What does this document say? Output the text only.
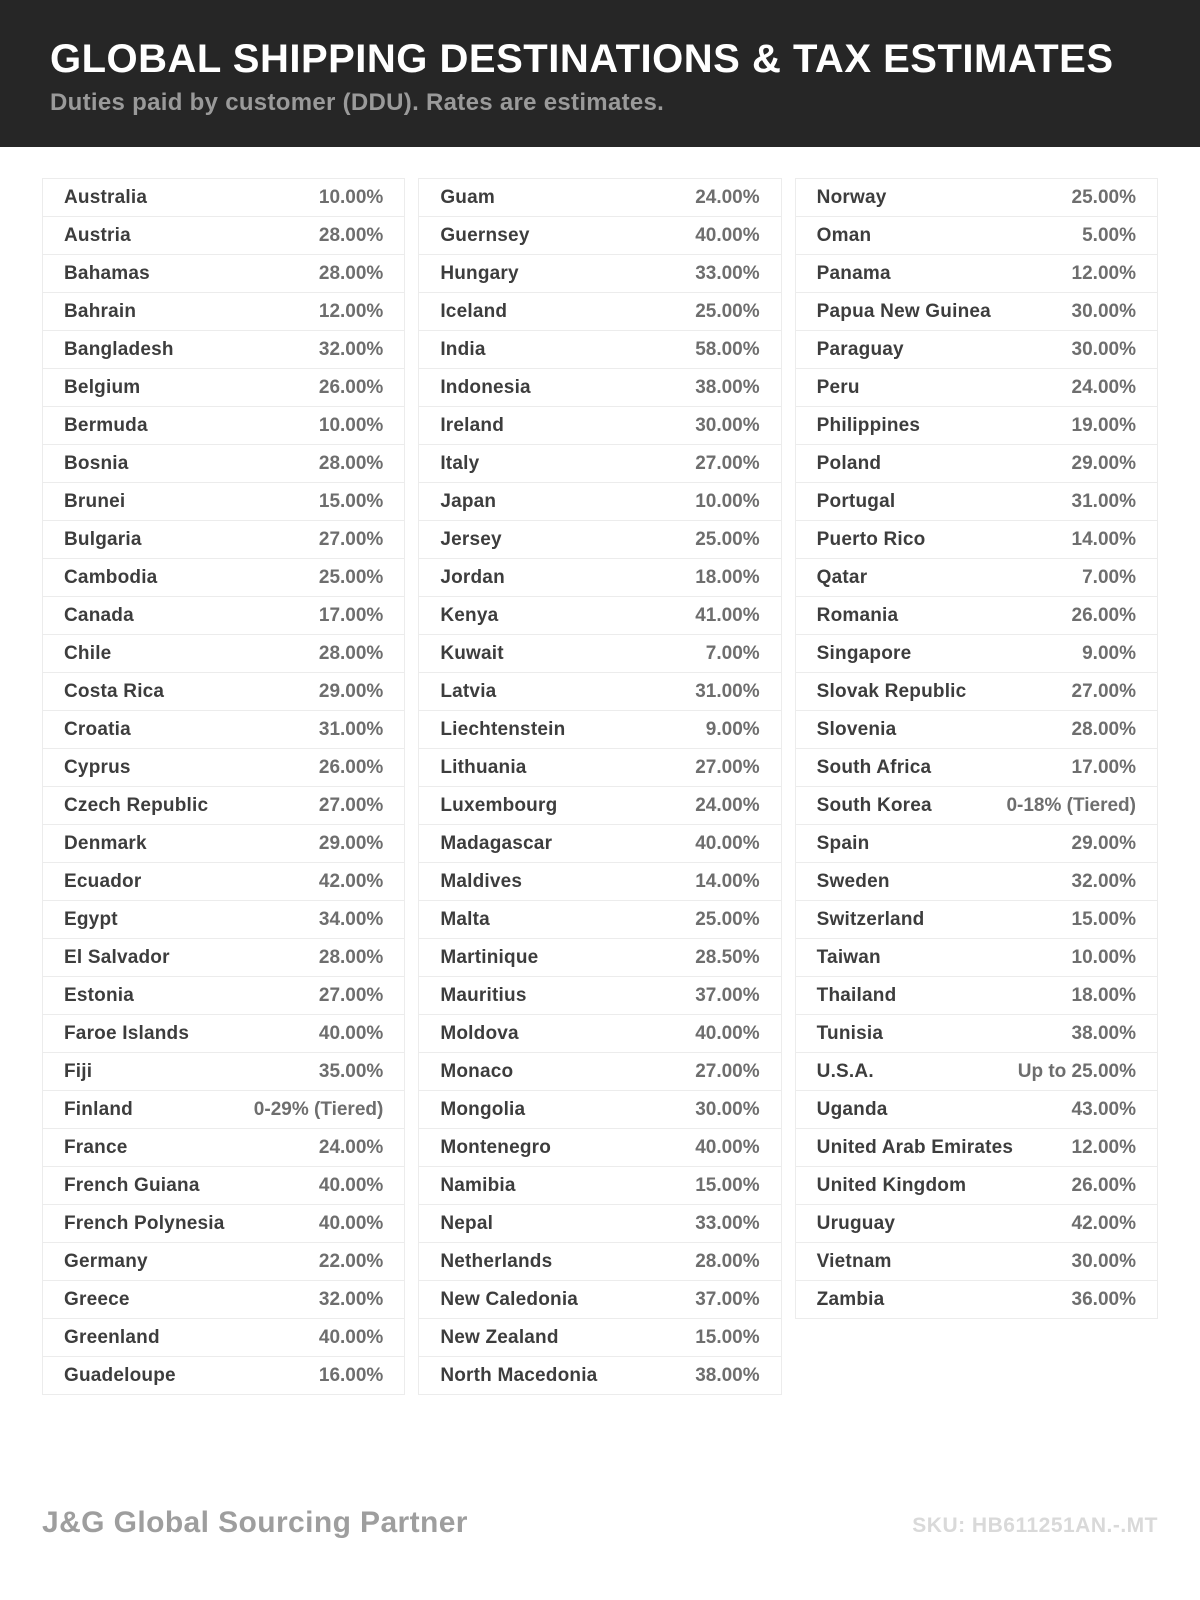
GLOBAL SHIPPING DESTINATIONS & TAX ESTIMATES
Duties paid by customer (DDU). Rates are estimates.
Australia	10.00%
Austria	28.00%
Bahamas	28.00%
Bahrain	12.00%
Bangladesh	32.00%
Belgium	26.00%
Bermuda	10.00%
Bosnia	28.00%
Brunei	15.00%
Bulgaria	27.00%
Cambodia	25.00%
Canada	17.00%
Chile	28.00%
Costa Rica	29.00%
Croatia	31.00%
Cyprus	26.00%
Czech Republic	27.00%
Denmark	29.00%
Ecuador	42.00%
Egypt	34.00%
El Salvador	28.00%
Estonia	27.00%
Faroe Islands	40.00%
Fiji	35.00%
Finland	0-29% (Tiered)
France	24.00%
French Guiana	40.00%
French Polynesia	40.00%
Germany	22.00%
Greece	32.00%
Greenland	40.00%
Guadeloupe	16.00%
Guam	24.00%
Guernsey	40.00%
Hungary	33.00%
Iceland	25.00%
India	58.00%
Indonesia	38.00%
Ireland	30.00%
Italy	27.00%
Japan	10.00%
Jersey	25.00%
Jordan	18.00%
Kenya	41.00%
Kuwait	7.00%
Latvia	31.00%
Liechtenstein	9.00%
Lithuania	27.00%
Luxembourg	24.00%
Madagascar	40.00%
Maldives	14.00%
Malta	25.00%
Martinique	28.50%
Mauritius	37.00%
Moldova	40.00%
Monaco	27.00%
Mongolia	30.00%
Montenegro	40.00%
Namibia	15.00%
Nepal	33.00%
Netherlands	28.00%
New Caledonia	37.00%
New Zealand	15.00%
North Macedonia	38.00%
Norway	25.00%
Oman	5.00%
Panama	12.00%
Papua New Guinea	30.00%
Paraguay	30.00%
Peru	24.00%
Philippines	19.00%
Poland	29.00%
Portugal	31.00%
Puerto Rico	14.00%
Qatar	7.00%
Romania	26.00%
Singapore	9.00%
Slovak Republic	27.00%
Slovenia	28.00%
South Africa	17.00%
South Korea	0-18% (Tiered)
Spain	29.00%
Sweden	32.00%
Switzerland	15.00%
Taiwan	10.00%
Thailand	18.00%
Tunisia	38.00%
U.S.A.	Up to 25.00%
Uganda	43.00%
United Arab Emirates	12.00%
United Kingdom	26.00%
Uruguay	42.00%
Vietnam	30.00%
Zambia	36.00%
J&G Global Sourcing Partner	SKU: HB611251AN.-.MT
